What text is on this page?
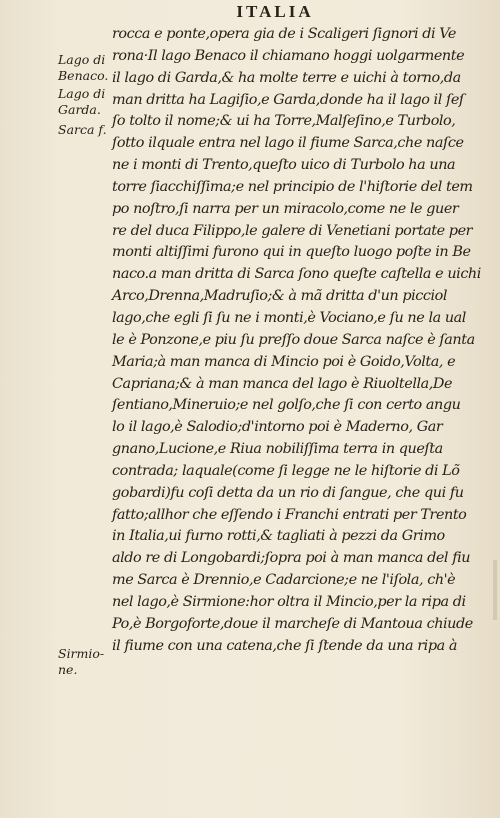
ITALIA
Lago di
Benaco.
Lago di
Garda.
Sarca f.
Sirmio-
ne.
rocca e ponte,opera gia de i Scaligeri ſignori di Ve
rona·Il lago Benaco il chiamano hoggi uolgarmente
il lago di Garda,& ha molte terre e uichi à torno,da
man dritta ha Lagiſio,e Garda,donde ha il lago il ſeſ
ſo tolto il nome;& ui ha Torre,Malſeſino,e Turbolo,
ſotto ilquale entra nel lago il fiume Sarca,che naſce
ne i monti di Trento,queſto uico di Turbolo ha una
torre ſiacchiſſima;e nel principio de l'hiſtorie del tem
po noſtro,ſi narra per un miracolo,come ne le guer
re del duca Filippo,le galere di Venetiani portate per
monti altiſſimi furono qui in queſto luogo poſte in Be
naco.a man dritta di Sarca ſono queſte caſtella e uichi
Arco,Drenna,Madruſio;& à mã dritta d'un picciol
lago,che egli ſi ſu ne i monti,è Vociano,e ſu ne la ual
le è Ponzone,e piu ſu preſſo doue Sarca naſce è ſanta
Maria;à man manca di Mincio poi è Goido,Volta, e
Capriana;& à man manca del lago è Riuoltella,De
ſentiano,Mineruio;e nel golſo,che ſi con certo angu
lo il lago,è Salodio;d'intorno poi è Maderno, Gar
gnano,Lucione,e Riua nobiliſſima terra in queſta
contrada; laquale(come ſi legge ne le hiſtorie di Lõ
gobardi)fu coſi detta da un rio di ſangue, che qui fu
fatto;allhor che eſſendo i Franchi entrati per Trento
in Italia,ui furno rotti,& tagliati à pezzi da Grimo
aldo re di Longobardi;ſopra poi à man manca del fiu
me Sarca è Drennio,e Cadarcione;e ne l'iſola, ch'è
nel lago,è Sirmione:hor oltra il Mincio,per la ripa di
Po,è Borgoforte,doue il marcheſe di Mantoua chiude
il fiume con una catena,che ſi ſtende da una ripa à
